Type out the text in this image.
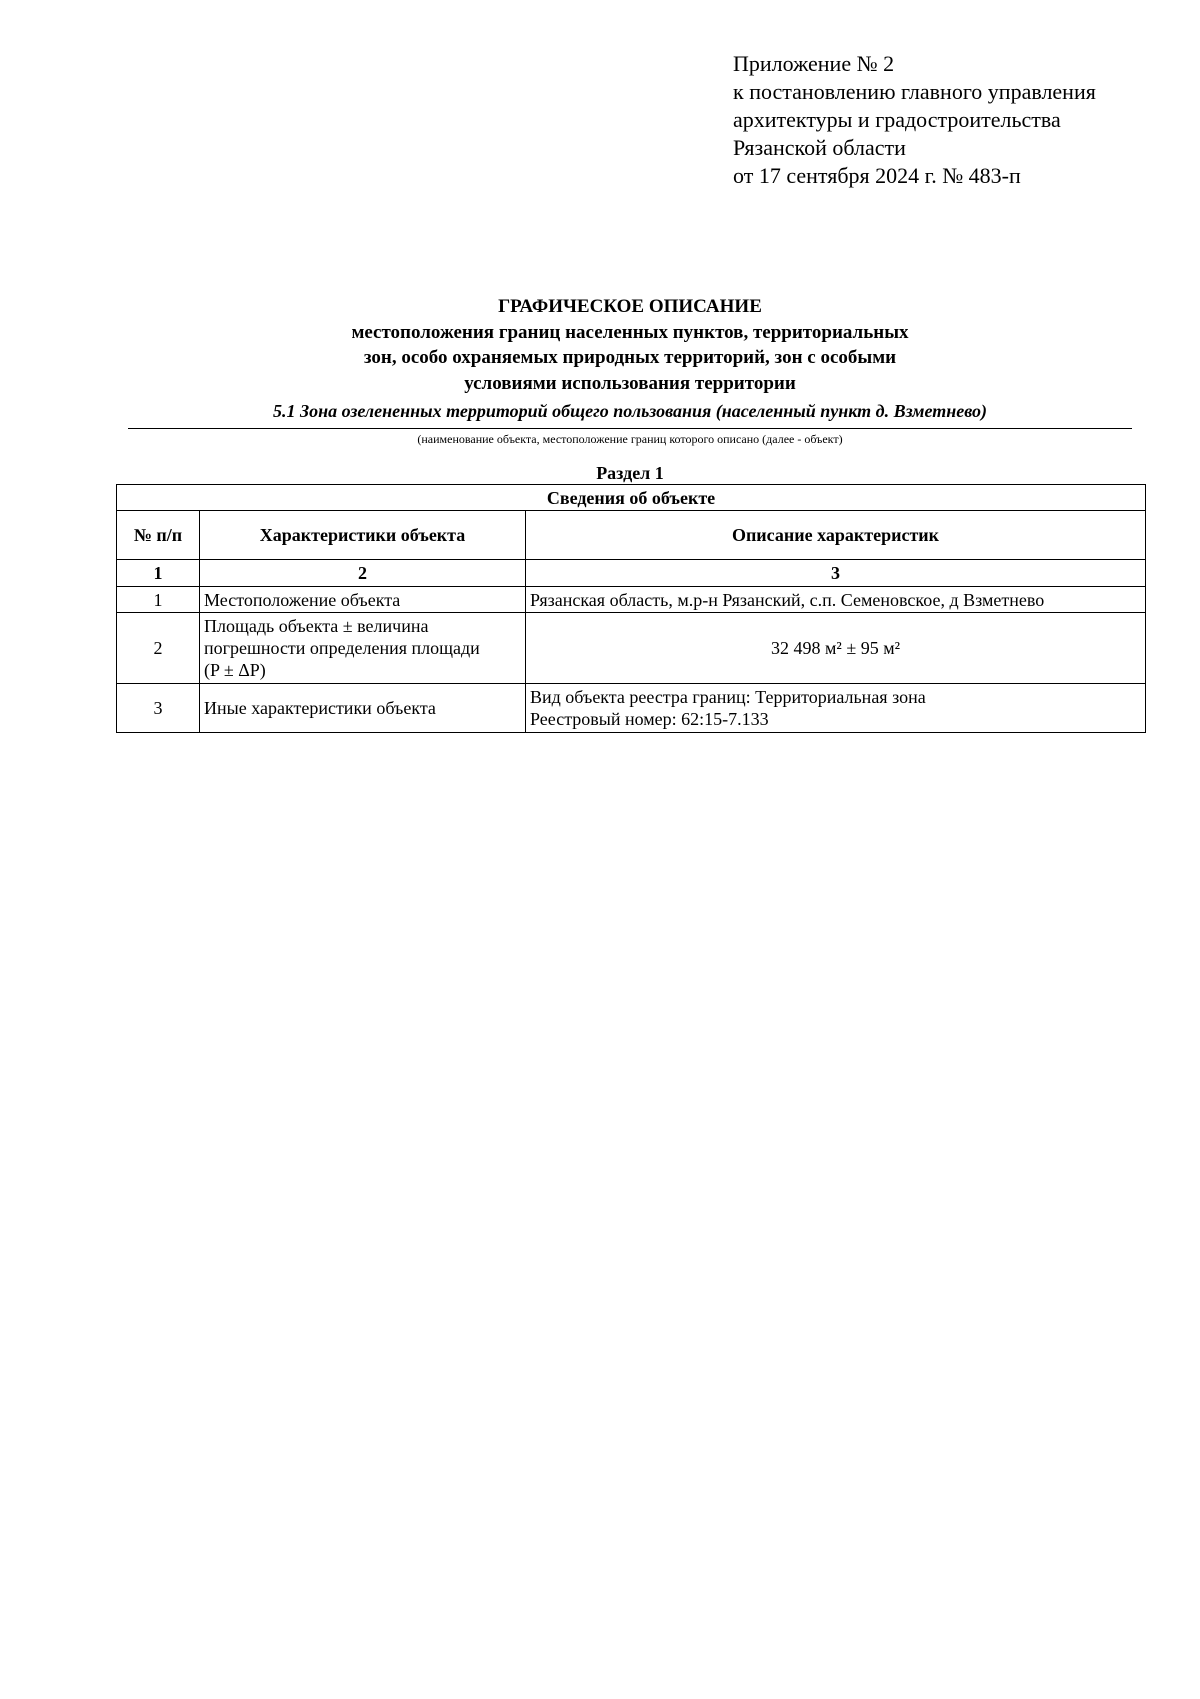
Приложение № 2
к постановлению главного управления
архитектуры и градостроительства
Рязанской области
от 17 сентября 2024 г. № 483-п
ГРАФИЧЕСКОЕ ОПИСАНИЕ
местоположения границ населенных пунктов, территориальных
зон, особо охраняемых природных территорий, зон с особыми
условиями использования территории
5.1 Зона озелененных территорий общего пользования (населенный пункт д. Взметнево)
(наименование объекта, местоположение границ которого описано (далее - объект)
Раздел 1
Сведения об объекте		
№ п/п	Характеристики объекта	Описание характеристик
1	2	3
1	Местоположение объекта	Рязанская область, м.р-н Рязанский, с.п. Семеновское, д Взметнево
2	Площадь объекта ± величина
погрешности определения площади
(P ± ΔP)	32 498 м² ± 95 м²
3	Иные характеристики объекта	Вид объекта реестра границ: Территориальная зона
Реестровый номер: 62:15-7.133
